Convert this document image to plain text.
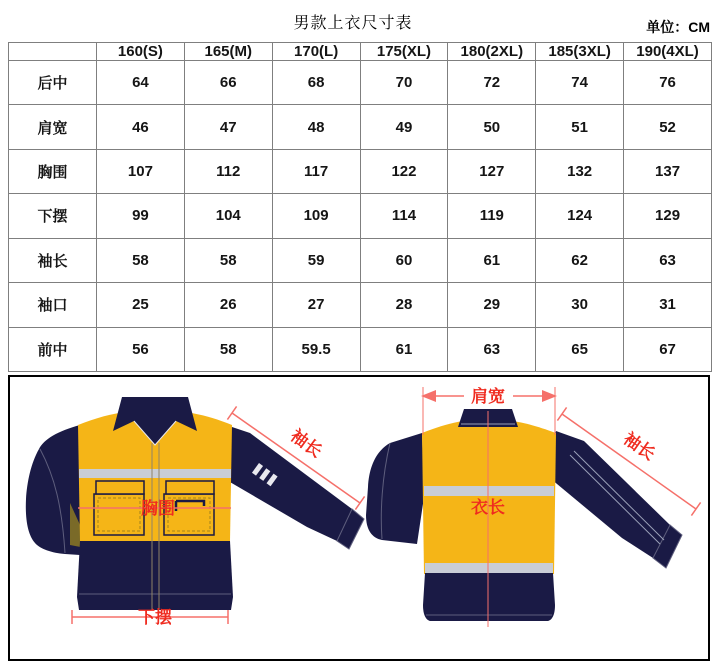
男款上衣尺寸表	单位：CM
	160(S)	165(M)	170(L)	175(XL)	180(2XL)	185(3XL)	190(4XL)
后中	64	66	68	70	72	74	76
肩宽	46	47	48	49	50	51	52
胸围	107	112	117	122	127	132	137
下摆	99	104	109	114	119	124	129
袖长	58	58	59	60	61	62	63
袖口	25	26	27	28	29	30	31
前中	56	58	59.5	61	63	65	67
袖长
胸围
下摆
肩宽
衣长
袖长
